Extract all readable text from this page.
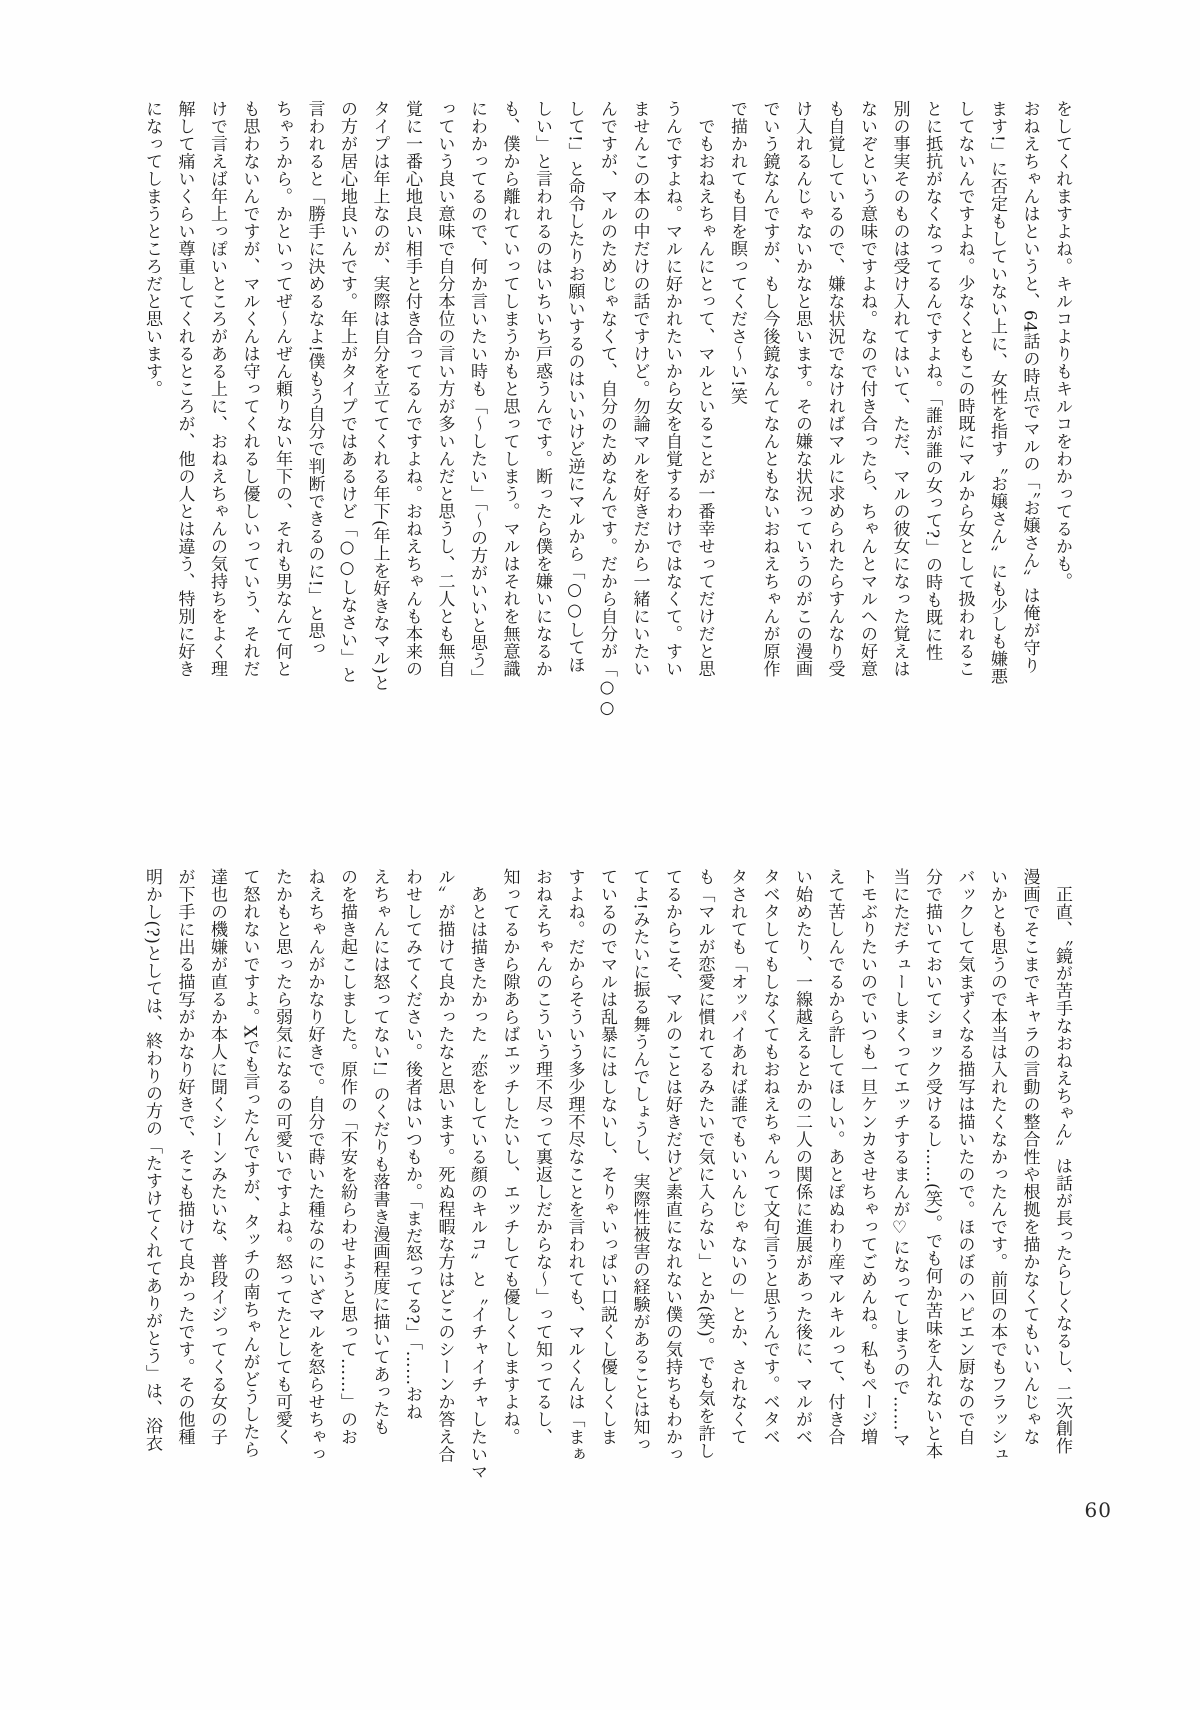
をしてくれますよね。キルコよりもキルコをわかってるかも。

おねえちゃんはというと、64話の時点でマルの「〝お嬢さん〟は俺が守り

ます!」に否定もしていない上に、女性を指す〝お嬢さん〟にも少しも嫌悪

してないんですよね。少なくともこの時既にマルから女として扱われるこ

とに抵抗がなくなってるんですよね。「誰が誰の女って?」の時も既に性

別の事実そのものは受け入れてはいて、ただ、マルの彼女になった覚えは

ないぞという意味ですよね。なので付き合ったら、ちゃんとマルへの好意

も自覚しているので、嫌な状況でなければマルに求められたらすんなり受

け入れるんじゃないかなと思います。その嫌な状況っていうのがこの漫画

でいう鏡なんですが、もし今後鏡なんてなんともないおねえちゃんが原作

で描かれても目を瞑ってくださ〜い!笑

　でもおねえちゃんにとって、マルといることが一番幸せってだけだと思

うんですよね。マルに好かれたいから女を自覚するわけではなくて。すい

ませんこの本の中だけの話ですけど。勿論マルを好きだから一緒にいたい

んですが、マルのためじゃなくて、自分のためなんです。だから自分が「○○

して!」と命令したりお願いするのはいいけど逆にマルから「○○してほ

しい」と言われるのはいちいち戸惑うんです。断ったら僕を嫌いになるか

も、僕から離れていってしまうかもと思ってしまう。マルはそれを無意識

にわかってるので、何か言いたい時も「〜したい」「〜の方がいいと思う」

っていう良い意味で自分本位の言い方が多いんだと思うし、二人とも無自

覚に一番心地良い相手と付き合ってるんですよね。おねえちゃんも本来の

タイプは年上なのが、実際は自分を立ててくれる年下(年上を好きなマル)と

の方が居心地良いんです。年上がタイプではあるけど「○○しなさい」と

言われると「勝手に決めるなよ!僕もう自分で判断できるのに!」と思っ

ちゃうから。かといってぜ〜んぜん頼りない年下の、それも男なんて何と

も思わないんですが、マルくんは守ってくれるし優しいっていう、それだ

けで言えば年上っぽいところがある上に、おねえちゃんの気持ちをよく理

解して痛いくらい尊重してくれるところが、他の人とは違う、特別に好き

になってしまうところだと思います。

　正直、〝鏡が苦手なおねえちゃん〟は話が長ったらしくなるし、二次創作

漫画でそこまでキャラの言動の整合性や根拠を描かなくてもいいんじゃな

いかとも思うので本当は入れたくなかったんです。前回の本でもフラッシュ

バックして気まずくなる描写は描いたので。ほのぼのハピエン厨なので自

分で描いておいてショック受けるし……(笑)。でも何か苦味を入れないと本

当にただチューしまくってエッチするまんが♡になってしまうので……マ

トモぶりたいのでいつも一旦ケンカさせちゃってごめんね。私もページ増

えて苦しんでるから許してほしい。あとぽぬわり産マルキルって、付き合

い始めたり、一線越えるとかの二人の関係に進展があった後に、マルがベ

タベタしてもしなくてもおねえちゃんって文句言うと思うんです。ベタベ

タされても「オッパイあれば誰でもいいんじゃないの」とか、されなくて

も「マルが恋愛に慣れてるみたいで気に入らない」とか(笑)。でも気を許し

てるからこそ、マルのことは好きだけど素直になれない僕の気持ちもわかっ

てよ!みたいに振る舞うんでしょうし、実際性被害の経験があることは知っ

ているのでマルは乱暴にはしないし、そりゃいっぱい口説くし優しくしま

すよね。だからそういう多少理不尽なことを言われても、マルくんは「まぁ

おねえちゃんのこういう理不尽って裏返しだからな〜」って知ってるし、

知ってるから隙あらばエッチしたいし、エッチしても優しくしますよね。

　あとは描きたかった〝恋をしている顔のキルコ〟と〝イチャイチャしたいマ

ル〟が描けて良かったなと思います。死ぬ程暇な方はどこのシーンか答え合

わせしてみてください。後者はいつもか。「まだ怒ってる?」「……おね

えちゃんには怒ってない!」のくだりも落書き漫画程度に描いてあったも

のを描き起こしました。原作の「不安を紛らわせようと思って……」のお

ねえちゃんがかなり好きで。自分で蒔いた種なのにいざマルを怒らせちゃっ

たかもと思ったら弱気になるの可愛いですよね。怒ってたとしても可愛く

て怒れないですよ。Xでも言ったんですが、タッチの南ちゃんがどうしたら

達也の機嫌が直るか本人に聞くシーンみたいな、普段イジってくる女の子

が下手に出る描写がかなり好きで、そこも描けて良かったです。その他種

明かし(?)としては、終わりの方の「たすけてくれてありがとう」は、浴衣

60
